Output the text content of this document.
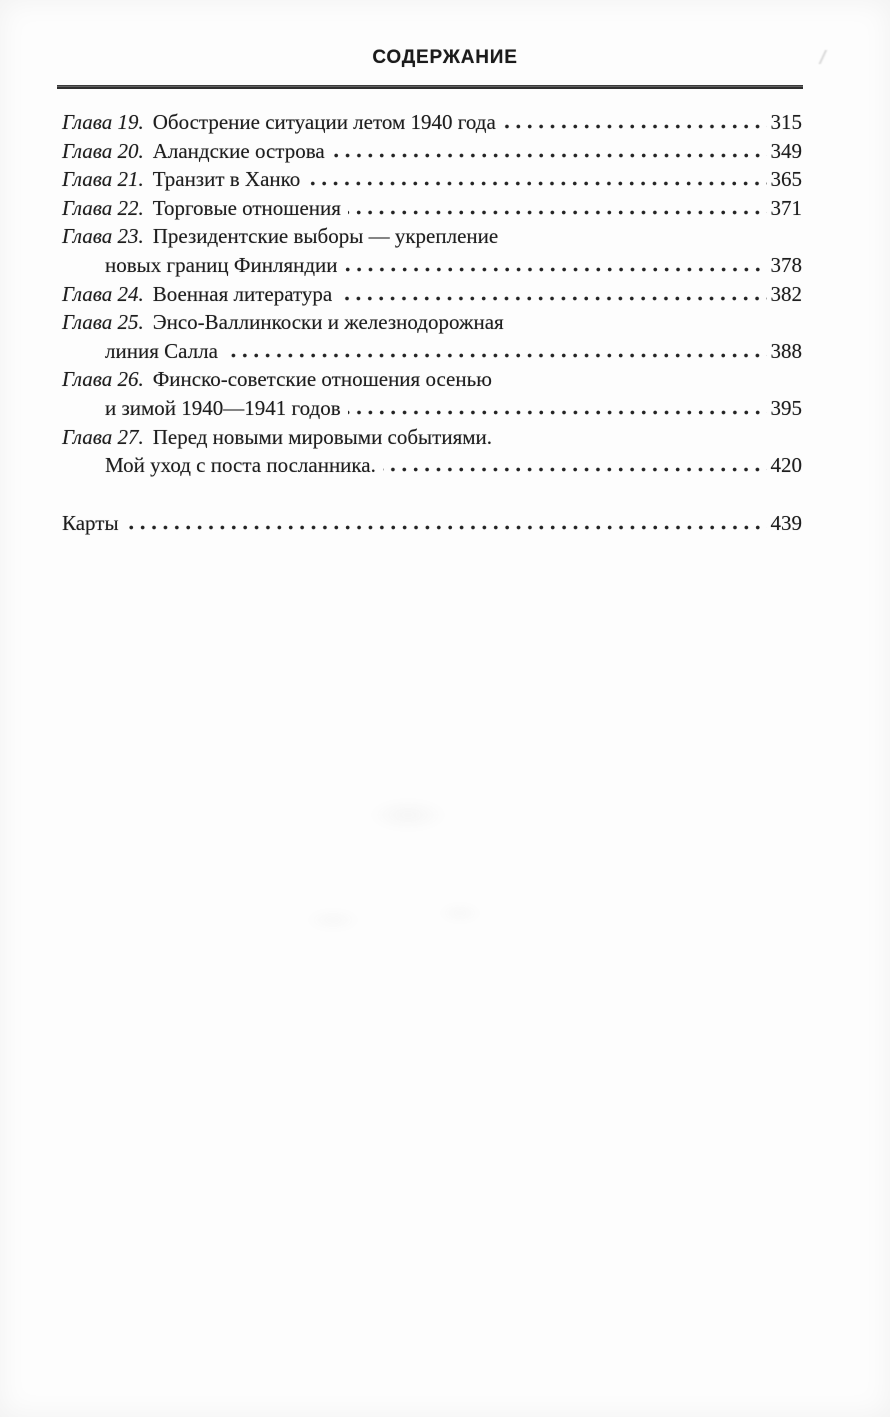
СОДЕРЖАНИЕ
Глава 19. Обострение ситуации летом 1940 года	315
Глава 20. Аландские острова	349
Глава 21. Транзит в Ханко	365
Глава 22. Торговые отношения	371
Глава 23. Президентские выборы — укрепление
новых границ Финляндии	378
Глава 24. Военная литература	382
Глава 25. Энсо-Валлинкоски и железнодорожная
линия Салла	388
Глава 26. Финско-советские отношения осенью
и зимой 1940—1941 годов	395
Глава 27. Перед новыми мировыми событиями.
Мой уход с поста посланника.	420
Карты	439
